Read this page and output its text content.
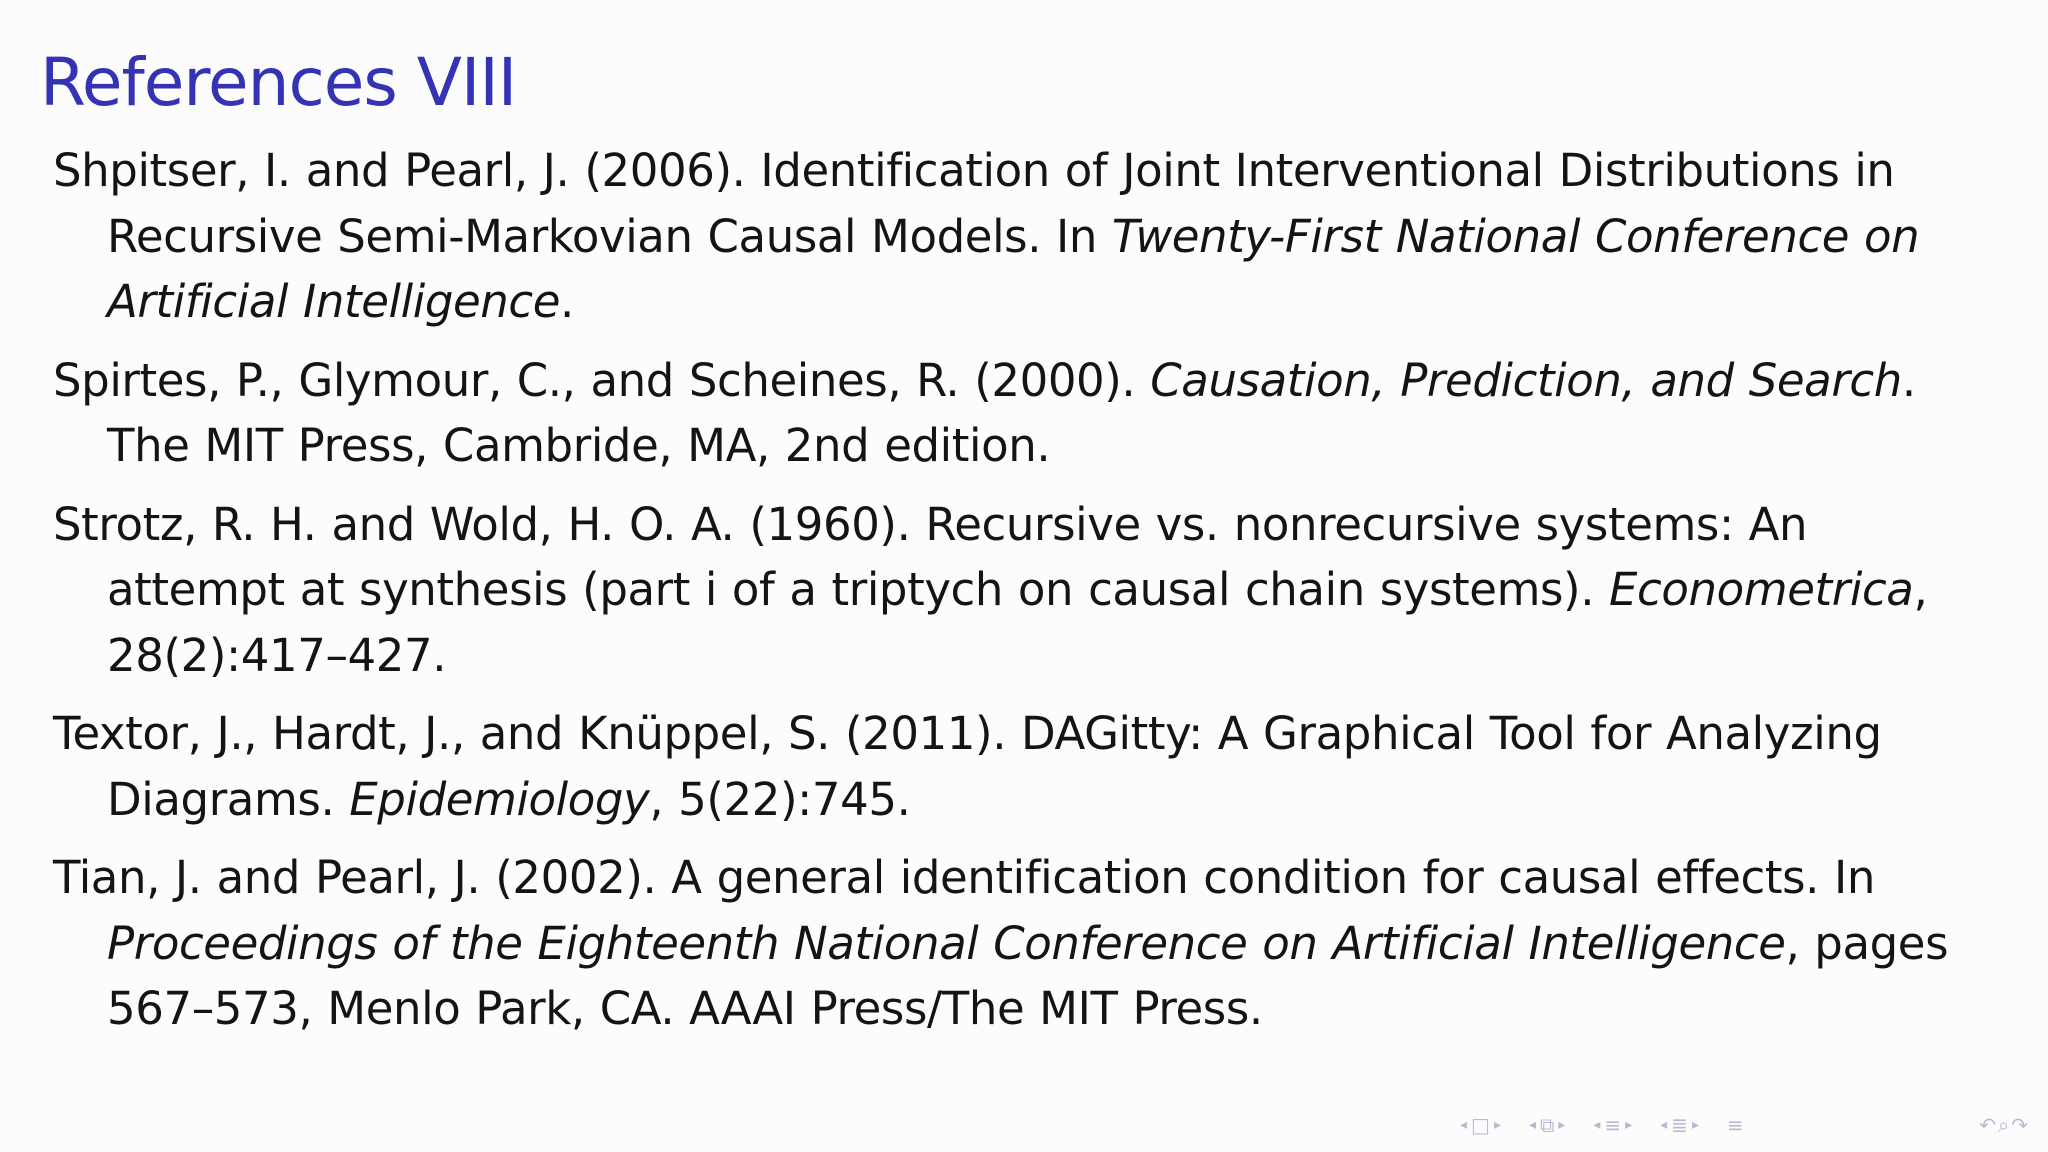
References VIII

Shpitser, I. and Pearl, J. (2006). Identification of Joint Interventional Distributions in
Recursive Semi-Markovian Causal Models. In Twenty-First National Conference on
Artificial Intelligence.

Spirtes, P., Glymour, C., and Scheines, R. (2000). Causation, Prediction, and Search.
The MIT Press, Cambride, MA, 2nd edition.

Strotz, R. H. and Wold, H. O. A. (1960). Recursive vs. nonrecursive systems: An
attempt at synthesis (part i of a triptych on causal chain systems). Econometrica,
28(2):417–427.

Textor, J., Hardt, J., and Knüppel, S. (2011). DAGitty: A Graphical Tool for Analyzing
Diagrams. Epidemiology, 5(22):745.

Tian, J. and Pearl, J. (2002). A general identification condition for causal effects. In
Proceedings of the Eighteenth National Conference on Artificial Intelligence, pages
567–573, Menlo Park, CA. AAAI Press/The MIT Press.

◂ □ ▸ ◂ ⧉ ▸ ◂ ≡ ▸ ◂ ≣ ▸ ≡	↶ ⌕ ↷
